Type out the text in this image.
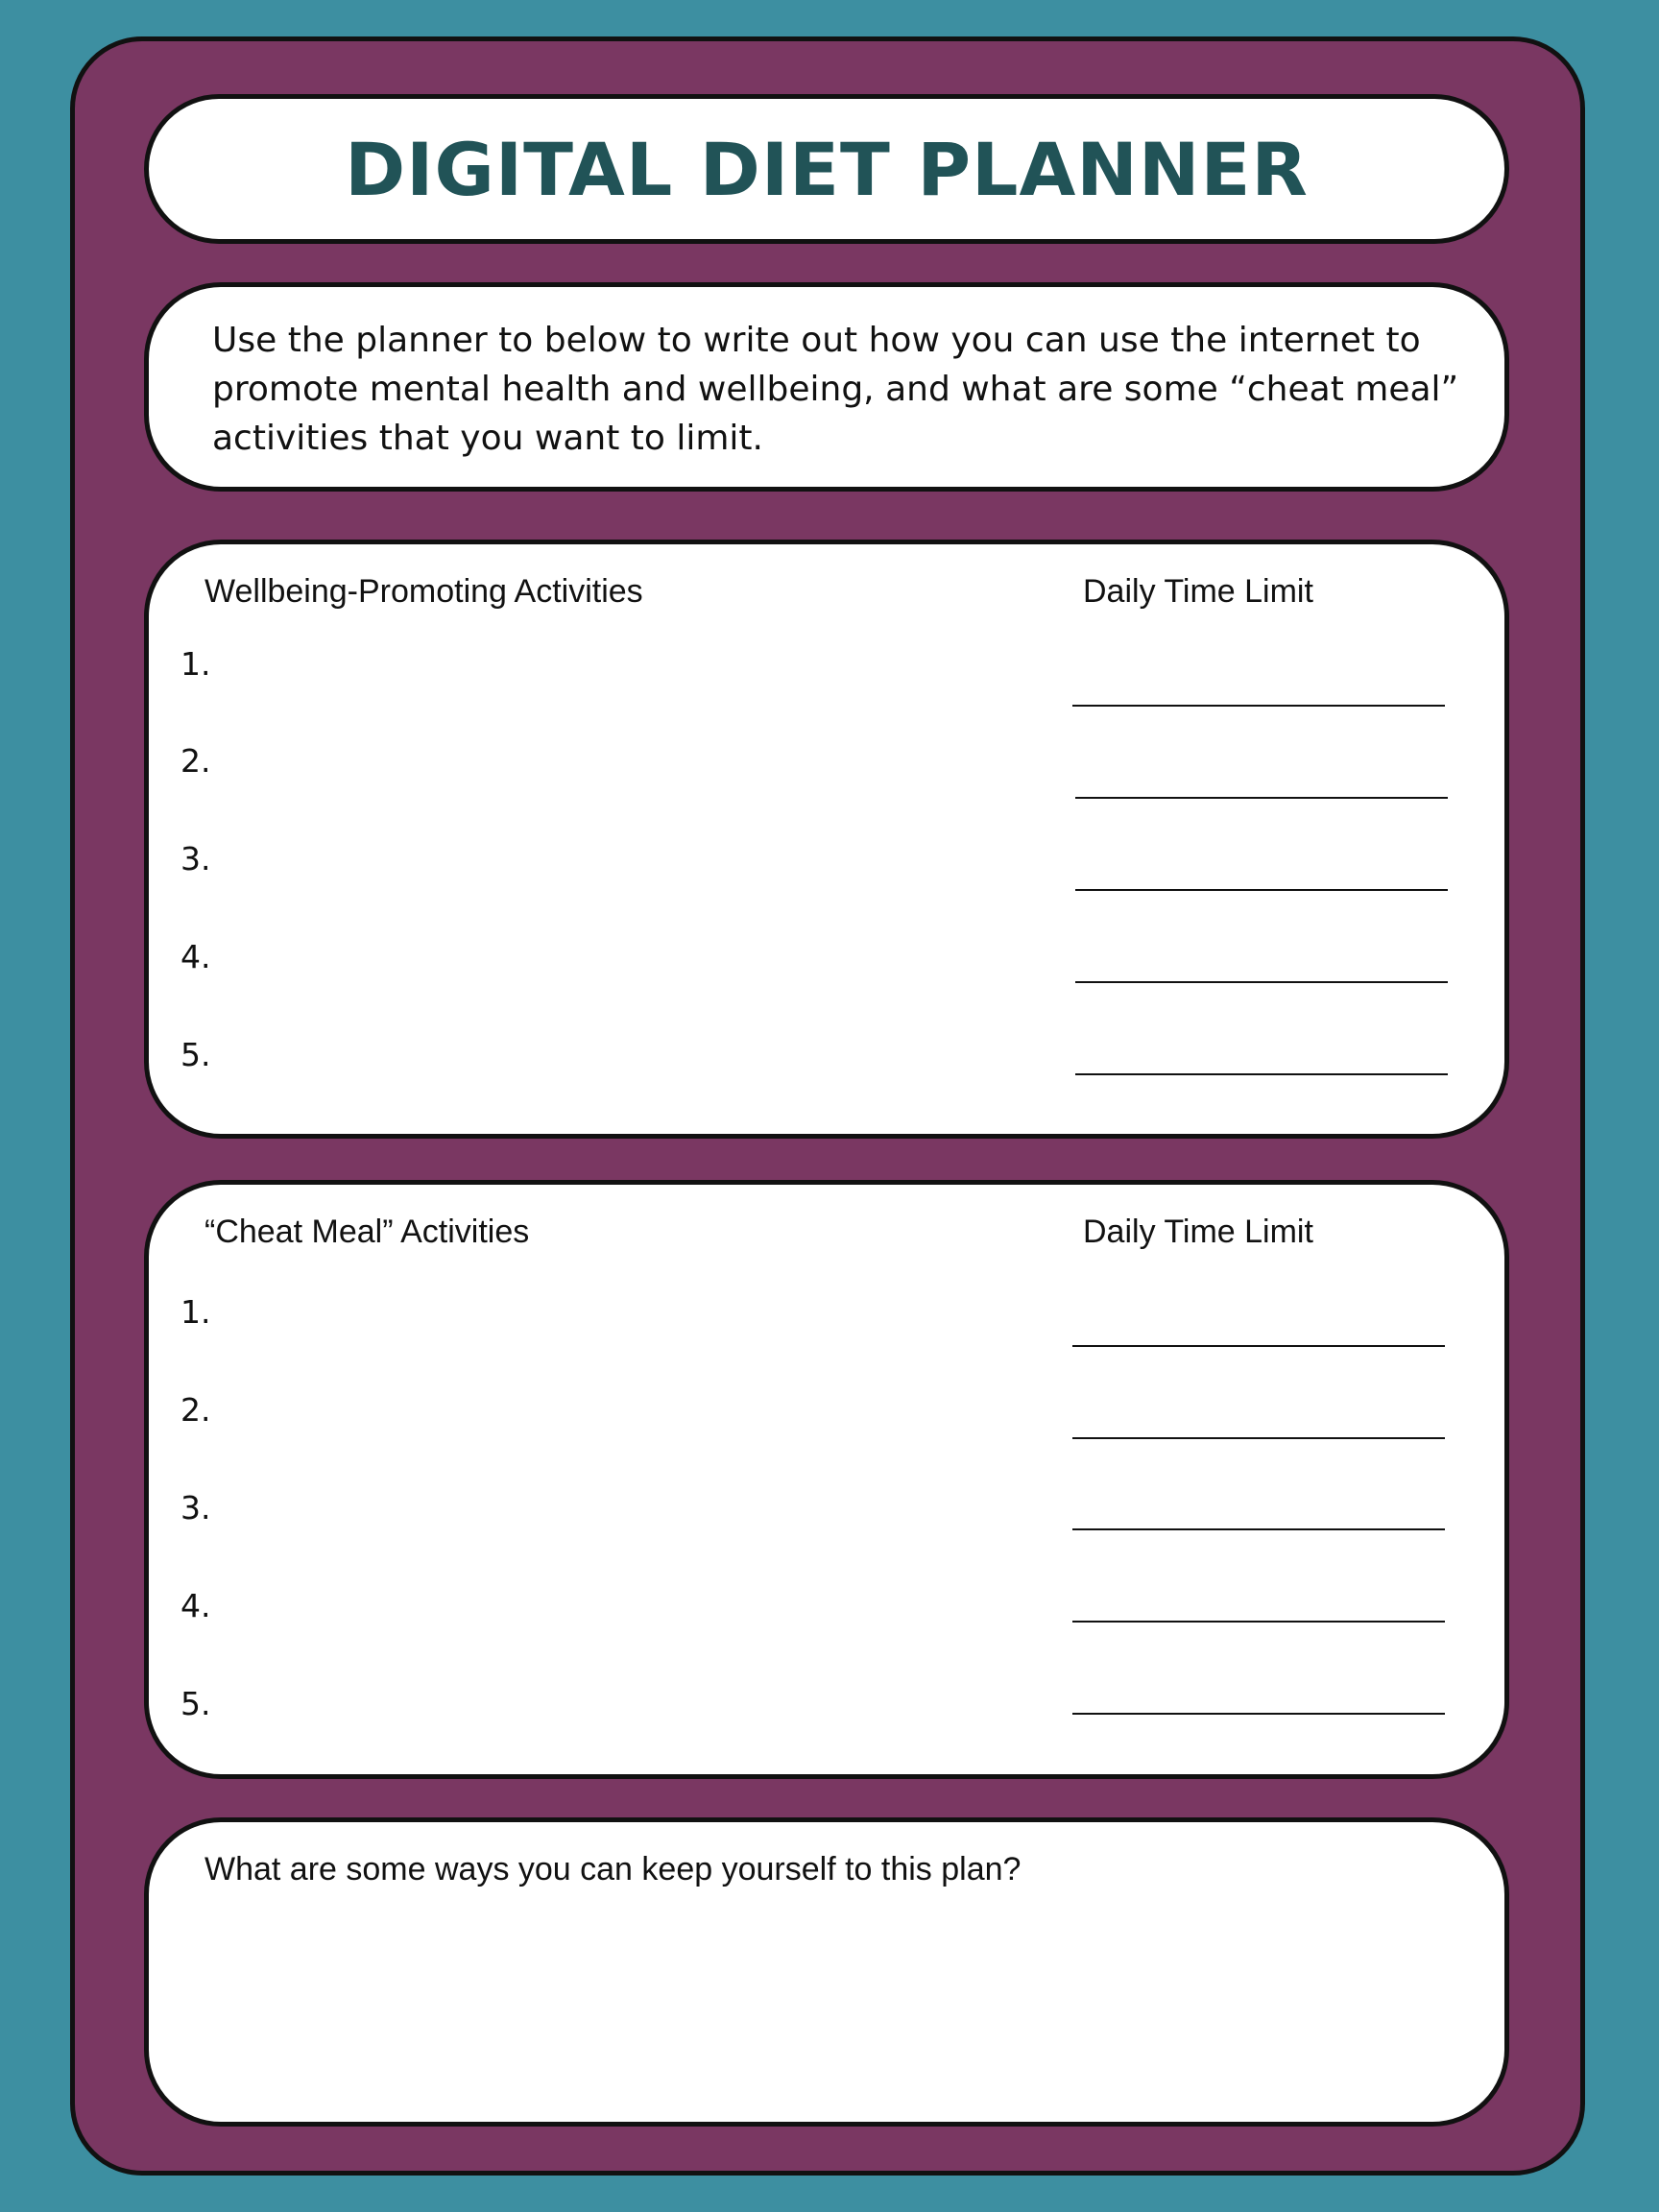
DIGITAL DIET PLANNER
Use the planner to below to write out how you can use the internet to promote mental health and wellbeing, and what are some “cheat meal” activities that you want to limit.
Wellbeing-Promoting Activities	Daily Time Limit
1.
2.
3.
4.
5.
“Cheat Meal” Activities	Daily Time Limit
1.
2.
3.
4.
5.
What are some ways you can keep yourself to this plan?
